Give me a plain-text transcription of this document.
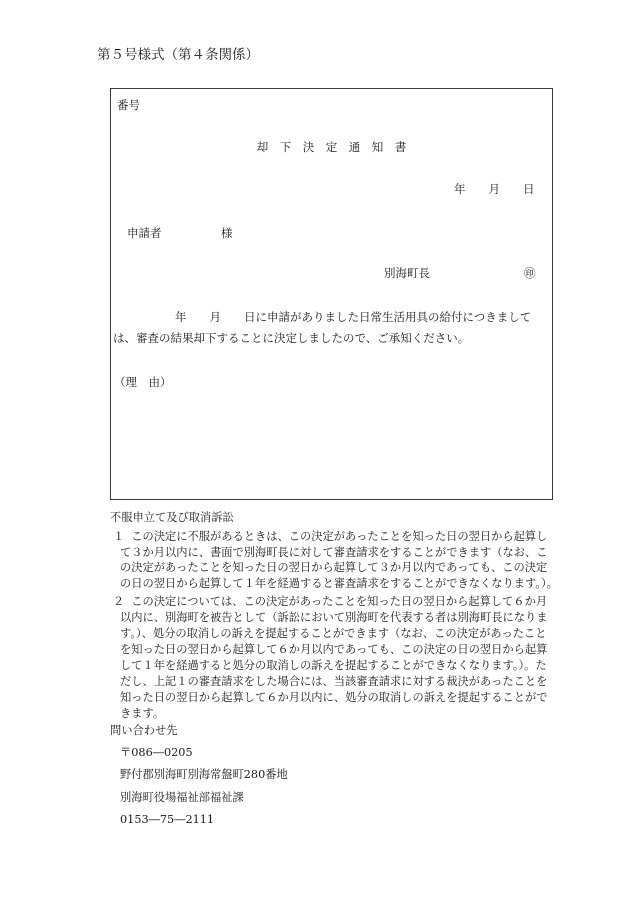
第５号様式（第４条関係）
番号
却　下　決　定　通　知　書
年　　月　　日
申請者	様
別海町長	㊞
年　　月　　日に申請がありました日常生活用具の給付につきまして
は、審査の結果却下することに決定しましたので、ご承知ください。
（理　由）
不服申立て及び取消訴訟
１ この決定に不服があるときは、この決定があったことを知った日の翌日から起算し
て３か月以内に、書面で別海町長に対して審査請求をすることができます（なお、こ
の決定があったことを知った日の翌日から起算して３か月以内であっても、この決定
の日の翌日から起算して１年を経過すると審査請求をすることができなくなります。）。
２ この決定については、この決定があったことを知った日の翌日から起算して６か月
以内に、別海町を被告として（訴訟において別海町を代表する者は別海町長になりま
す。）、処分の取消しの訴えを提起することができます（なお、この決定があったこと
を知った日の翌日から起算して６か月以内であっても、この決定の日の翌日から起算
して１年を経過すると処分の取消しの訴えを提起することができなくなります。）。た
だし、上記１の審査請求をした場合には、当該審査請求に対する裁決があったことを
知った日の翌日から起算して６か月以内に、処分の取消しの訴えを提起することがで
きます。
問い合わせ先
〒086―0205
野付郡別海町別海常盤町280番地
別海町役場福祉部福祉課
0153―75―2111
